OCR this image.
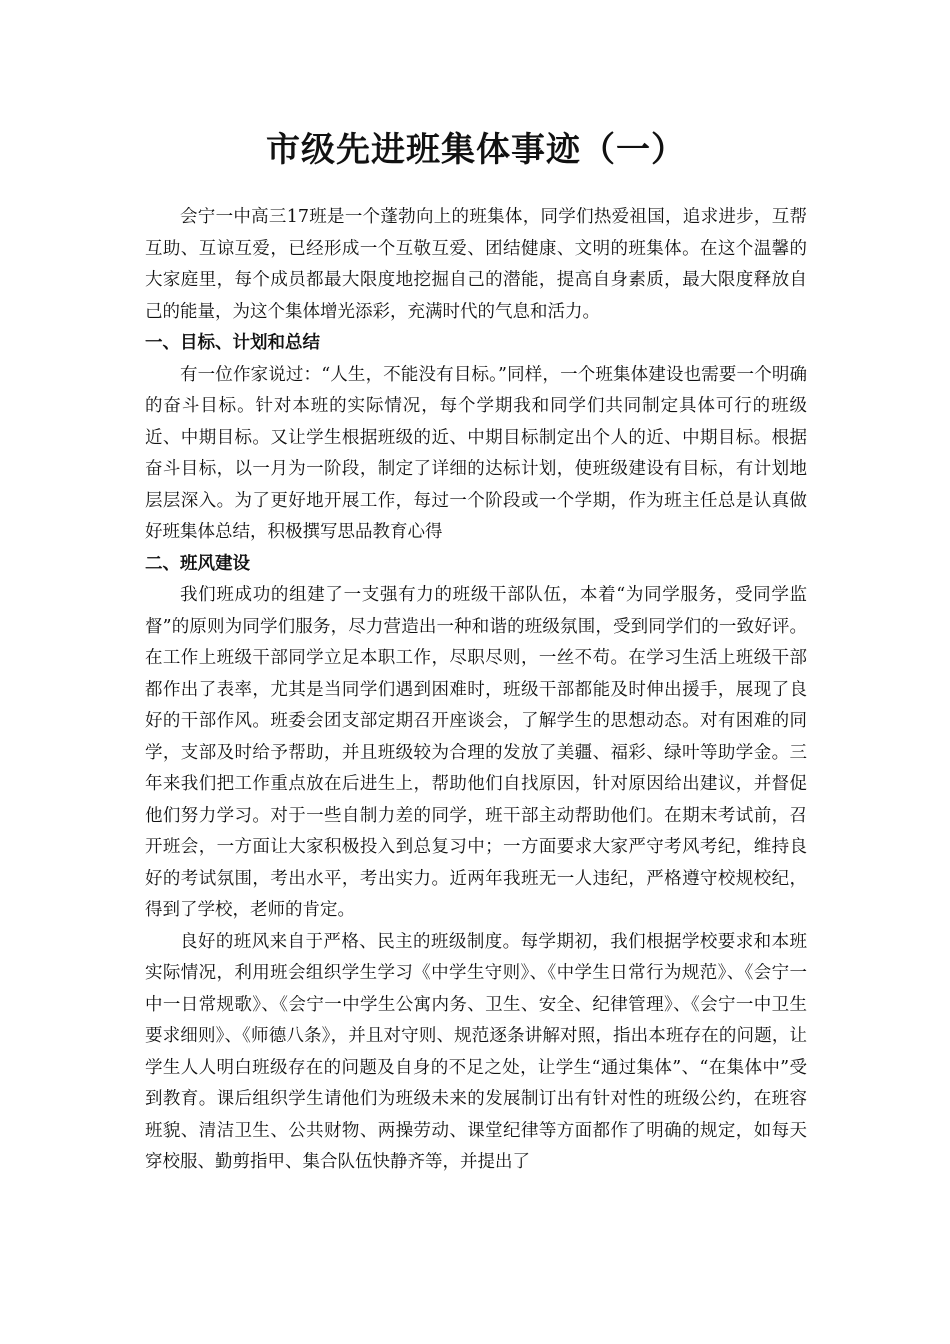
市级先进班集体事迹（一）

会宁一中高三17班是一个蓬勃向上的班集体，同学们热爱祖国，追求进步，互帮互助、互谅互爱，已经形成一个互敬互爱、团结健康、文明的班集体。在这个温馨的大家庭里，每个成员都最大限度地挖掘自己的潜能，提高自身素质，最大限度释放自己的能量，为这个集体增光添彩，充满时代的气息和活力。

一、目标、计划和总结

有一位作家说过：“人生，不能没有目标。”同样，一个班集体建设也需要一个明确的奋斗目标。针对本班的实际情况，每个学期我和同学们共同制定具体可行的班级近、中期目标。又让学生根据班级的近、中期目标制定出个人的近、中期目标。根据奋斗目标，以一月为一阶段，制定了详细的达标计划，使班级建设有目标，有计划地层层深入。为了更好地开展工作，每过一个阶段或一个学期，作为班主任总是认真做好班集体总结，积极撰写思品教育心得

二、班风建设

我们班成功的组建了一支强有力的班级干部队伍，本着“为同学服务，受同学监督”的原则为同学们服务，尽力营造出一种和谐的班级氛围，受到同学们的一致好评。在工作上班级干部同学立足本职工作，尽职尽则，一丝不苟。在学习生活上班级干部都作出了表率，尤其是当同学们遇到困难时，班级干部都能及时伸出援手，展现了良好的干部作风。班委会团支部定期召开座谈会，了解学生的思想动态。对有困难的同学，支部及时给予帮助，并且班级较为合理的发放了美疆、福彩、绿叶等助学金。三年来我们把工作重点放在后进生上，帮助他们自找原因，针对原因给出建议，并督促他们努力学习。对于一些自制力差的同学，班干部主动帮助他们。在期末考试前，召开班会，一方面让大家积极投入到总复习中；一方面要求大家严守考风考纪，维持良好的考试氛围，考出水平，考出实力。近两年我班无一人违纪，严格遵守校规校纪，得到了学校，老师的肯定。

良好的班风来自于严格、民主的班级制度。每学期初，我们根据学校要求和本班实际情况，利用班会组织学生学习《中学生守则》、《中学生日常行为规范》、《会宁一中一日常规歌》、《会宁一中学生公寓内务、卫生、安全、纪律管理》、《会宁一中卫生要求细则》、《师德八条》，并且对守则、规范逐条讲解对照，指出本班存在的问题，让学生人人明白班级存在的问题及自身的不足之处，让学生“通过集体”、“在集体中”受到教育。课后组织学生请他们为班级未来的发展制订出有针对性的班级公约，在班容班貌、清洁卫生、公共财物、两操劳动、课堂纪律等方面都作了明确的规定，如每天穿校服、勤剪指甲、集合队伍快静齐等，并提出了
